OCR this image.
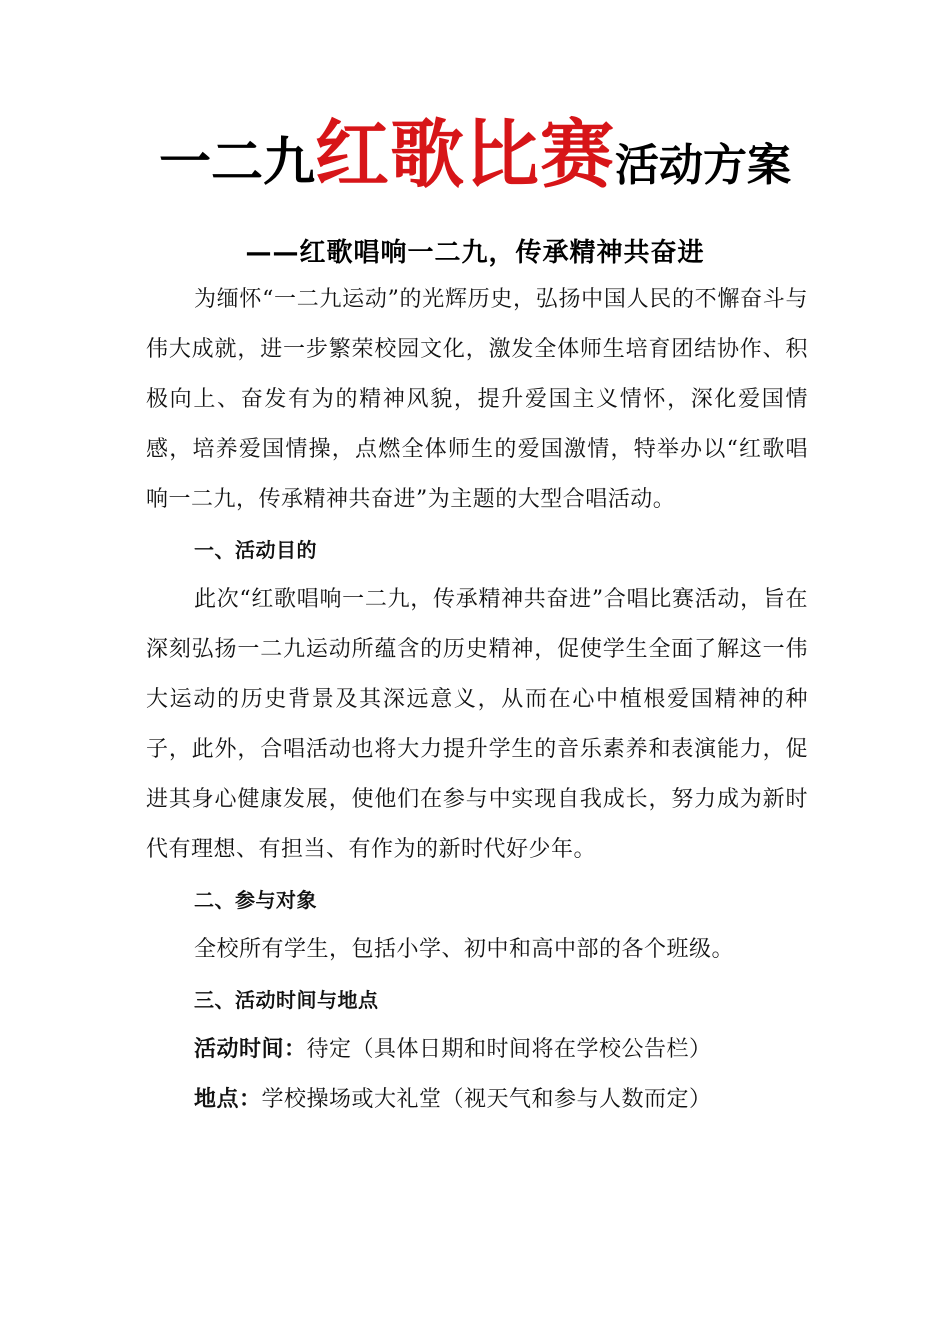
一二九红歌比赛活动方案
——红歌唱响一二九，传承精神共奋进

为缅怀“一二九运动”的光辉历史，弘扬中国人民的不懈奋斗与伟大成就，进一步繁荣校园文化，激发全体师生培育团结协作、积极向上、奋发有为的精神风貌，提升爱国主义情怀，深化爱国情感，培养爱国情操，点燃全体师生的爱国激情，特举办以“红歌唱响一二九，传承精神共奋进”为主题的大型合唱活动。

一、活动目的

此次“红歌唱响一二九，传承精神共奋进”合唱比赛活动，旨在深刻弘扬一二九运动所蕴含的历史精神，促使学生全面了解这一伟大运动的历史背景及其深远意义，从而在心中植根爱国精神的种子，此外，合唱活动也将大力提升学生的音乐素养和表演能力，促进其身心健康发展，使他们在参与中实现自我成长，努力成为新时代有理想、有担当、有作为的新时代好少年。

二、参与对象

全校所有学生，包括小学、初中和高中部的各个班级。

三、活动时间与地点

活动时间：待定（具体日期和时间将在学校公告栏）

地点：学校操场或大礼堂（视天气和参与人数而定）
